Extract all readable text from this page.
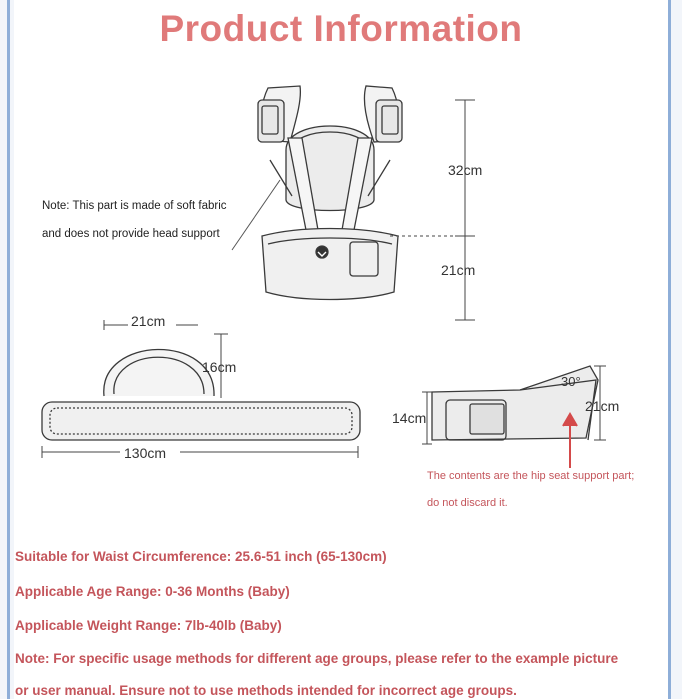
Product Information
Note: This part is made of soft fabric
and does not provide head support
32cm
21cm
21cm
16cm
130cm
14cm
21cm
30°
The contents are the hip seat support part;
do not discard it.
Suitable for Waist Circumference: 25.6-51 inch (65-130cm)
Applicable Age Range: 0-36 Months (Baby)
Applicable Weight Range: 7lb-40lb (Baby)
Note: For specific usage methods for different age groups, please refer to the example picture
or user manual. Ensure not to use methods intended for incorrect age groups.
